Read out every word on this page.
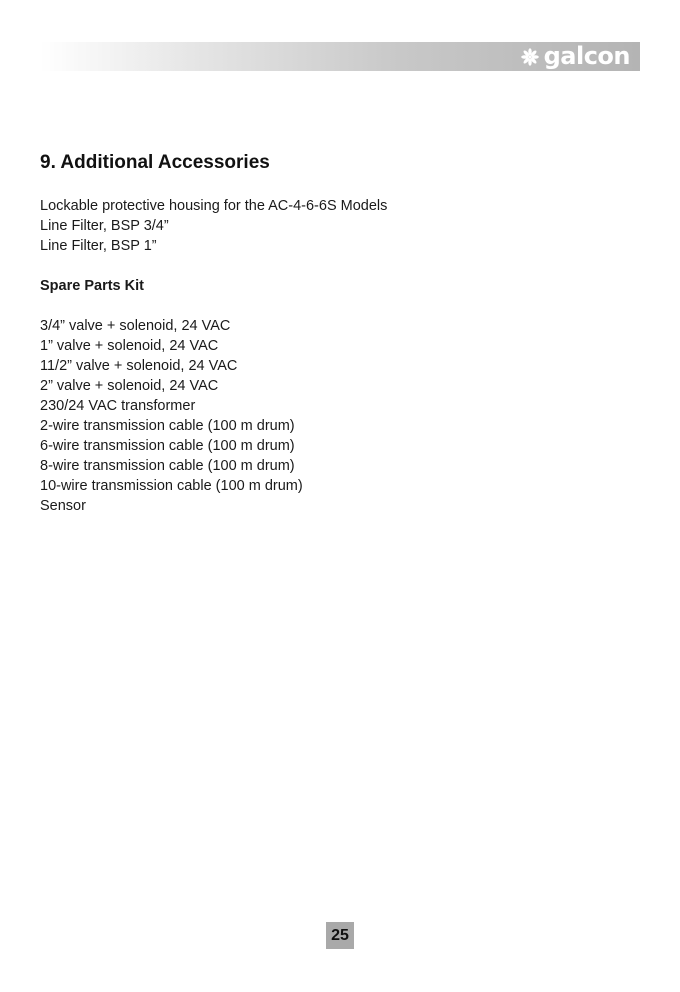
galcon
9. Additional Accessories
Lockable protective housing for the AC-4-6-6S Models
Line Filter, BSP 3/4”
Line Filter, BSP 1”
Spare Parts Kit
3/4” valve + solenoid, 24 VAC
1” valve + solenoid, 24 VAC
11/2” valve + solenoid, 24 VAC
2” valve + solenoid, 24 VAC
230/24 VAC transformer
2-wire transmission cable (100 m drum)
6-wire transmission cable (100 m drum)
8-wire transmission cable (100 m drum)
10-wire transmission cable (100 m drum)
Sensor
25
